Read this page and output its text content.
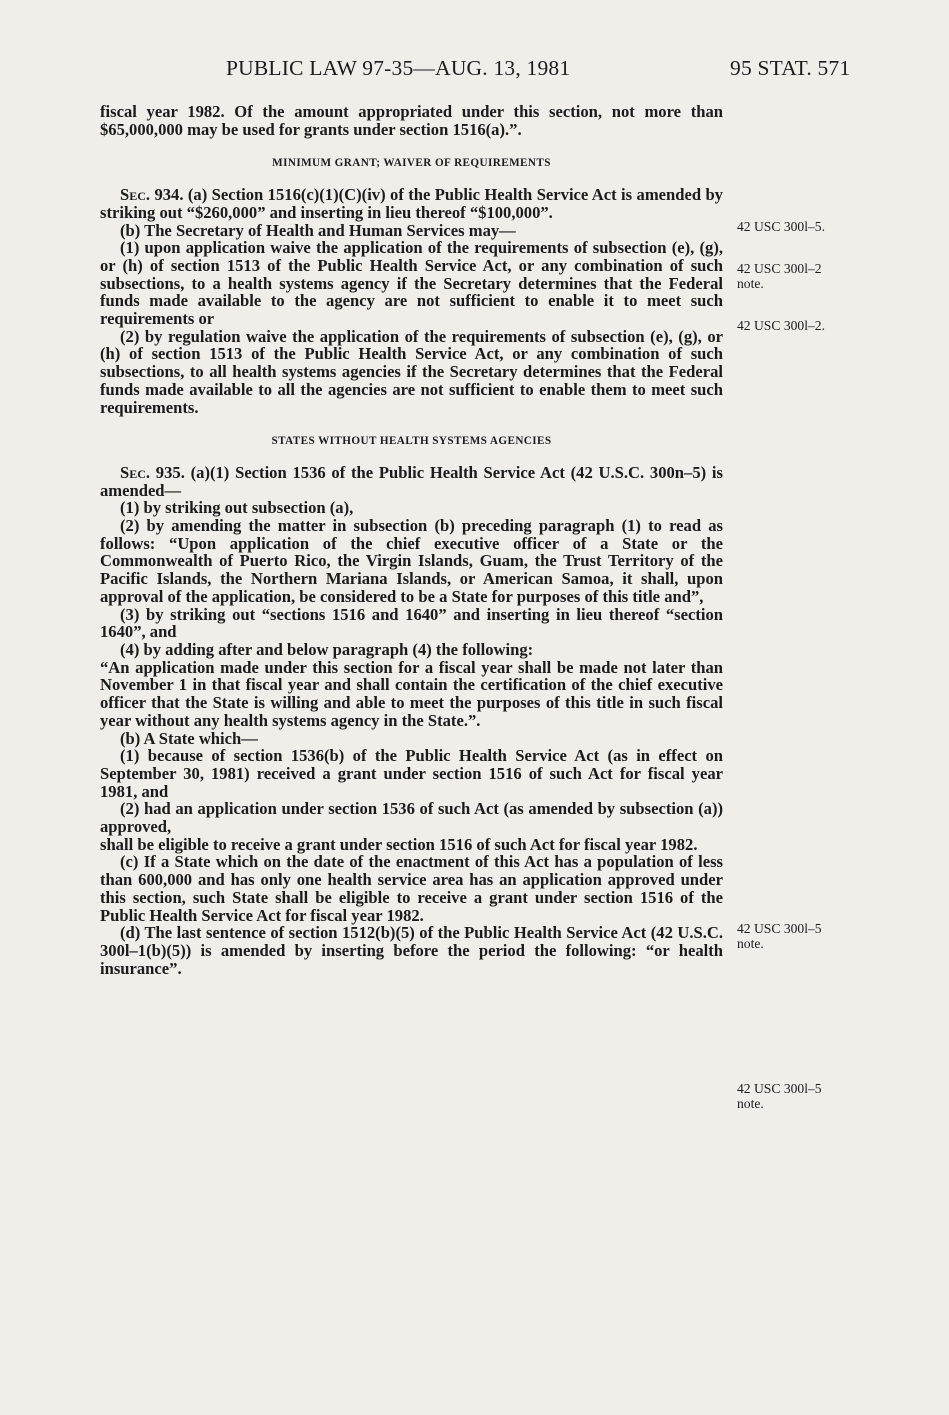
PUBLIC LAW 97-35—AUG. 13, 1981	95 STAT. 571

fiscal year 1982. Of the amount appropriated under this section, not more than $65,000,000 may be used for grants under section 1516(a).”.

MINIMUM GRANT; WAIVER OF REQUIREMENTS

Sec. 934. (a) Section 1516(c)(1)(C)(iv) of the Public Health Service Act is amended by striking out “$260,000” and inserting in lieu thereof “$100,000”.

(b) The Secretary of Health and Human Services may—

(1) upon application waive the application of the requirements of subsection (e), (g), or (h) of section 1513 of the Public Health Service Act, or any combination of such subsections, to a health systems agency if the Secretary determines that the Federal funds made available to the agency are not sufficient to enable it to meet such requirements or

(2) by regulation waive the application of the requirements of subsection (e), (g), or (h) of section 1513 of the Public Health Service Act, or any combination of such subsections, to all health systems agencies if the Secretary determines that the Federal funds made available to all the agencies are not sufficient to enable them to meet such requirements.

STATES WITHOUT HEALTH SYSTEMS AGENCIES

Sec. 935. (a)(1) Section 1536 of the Public Health Service Act (42 U.S.C. 300n–5) is amended—

(1) by striking out subsection (a),

(2) by amending the matter in subsection (b) preceding paragraph (1) to read as follows: “Upon application of the chief executive officer of a State or the Commonwealth of Puerto Rico, the Virgin Islands, Guam, the Trust Territory of the Pacific Islands, the Northern Mariana Islands, or American Samoa, it shall, upon approval of the application, be considered to be a State for purposes of this title and”,

(3) by striking out “sections 1516 and 1640” and inserting in lieu thereof “section 1640”, and

(4) by adding after and below paragraph (4) the following:

“An application made under this section for a fiscal year shall be made not later than November 1 in that fiscal year and shall contain the certification of the chief executive officer that the State is willing and able to meet the purposes of this title in such fiscal year without any health systems agency in the State.”.

(b) A State which—

(1) because of section 1536(b) of the Public Health Service Act (as in effect on September 30, 1981) received a grant under section 1516 of such Act for fiscal year 1981, and

(2) had an application under section 1536 of such Act (as amended by subsection (a)) approved,

shall be eligible to receive a grant under section 1516 of such Act for fiscal year 1982.

(c) If a State which on the date of the enactment of this Act has a population of less than 600,000 and has only one health service area has an application approved under this section, such State shall be eligible to receive a grant under section 1516 of the Public Health Service Act for fiscal year 1982.

(d) The last sentence of section 1512(b)(5) of the Public Health Service Act (42 U.S.C. 300l–1(b)(5)) is amended by inserting before the period the following: “or health insurance”.

42 USC 300l–5.
42 USC 300l–2
note.
42 USC 300l–2.
42 USC 300l–5
note.
42 USC 300l–5
note.
